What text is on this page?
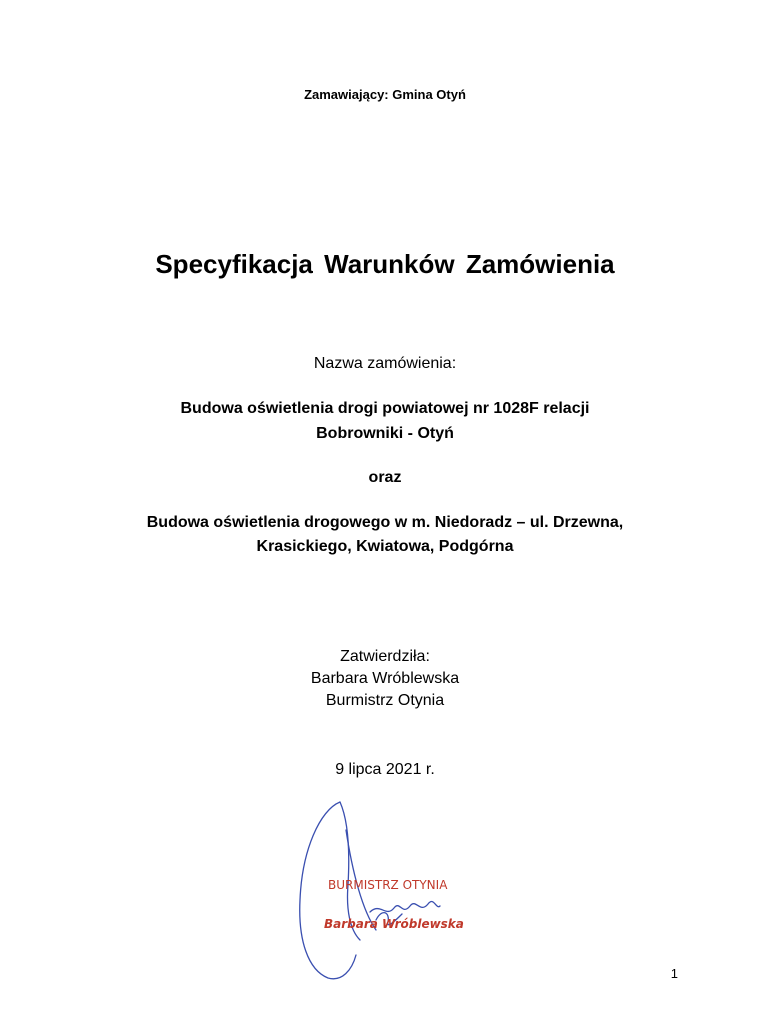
Zamawiający: Gmina Otyń
Specyfikacja Warunków Zamówienia
Nazwa zamówienia:
Budowa oświetlenia drogi powiatowej nr 1028F relacji
Bobrowniki - Otyń
oraz
Budowa oświetlenia drogowego w m. Niedoradz – ul. Drzewna,
Krasickiego, Kwiatowa, Podgórna
Zatwierdziła:
Barbara Wróblewska
Burmistrz Otynia
9 lipca 2021 r.
BURMISTRZ OTYNIA
Barbara Wróblewska
1
